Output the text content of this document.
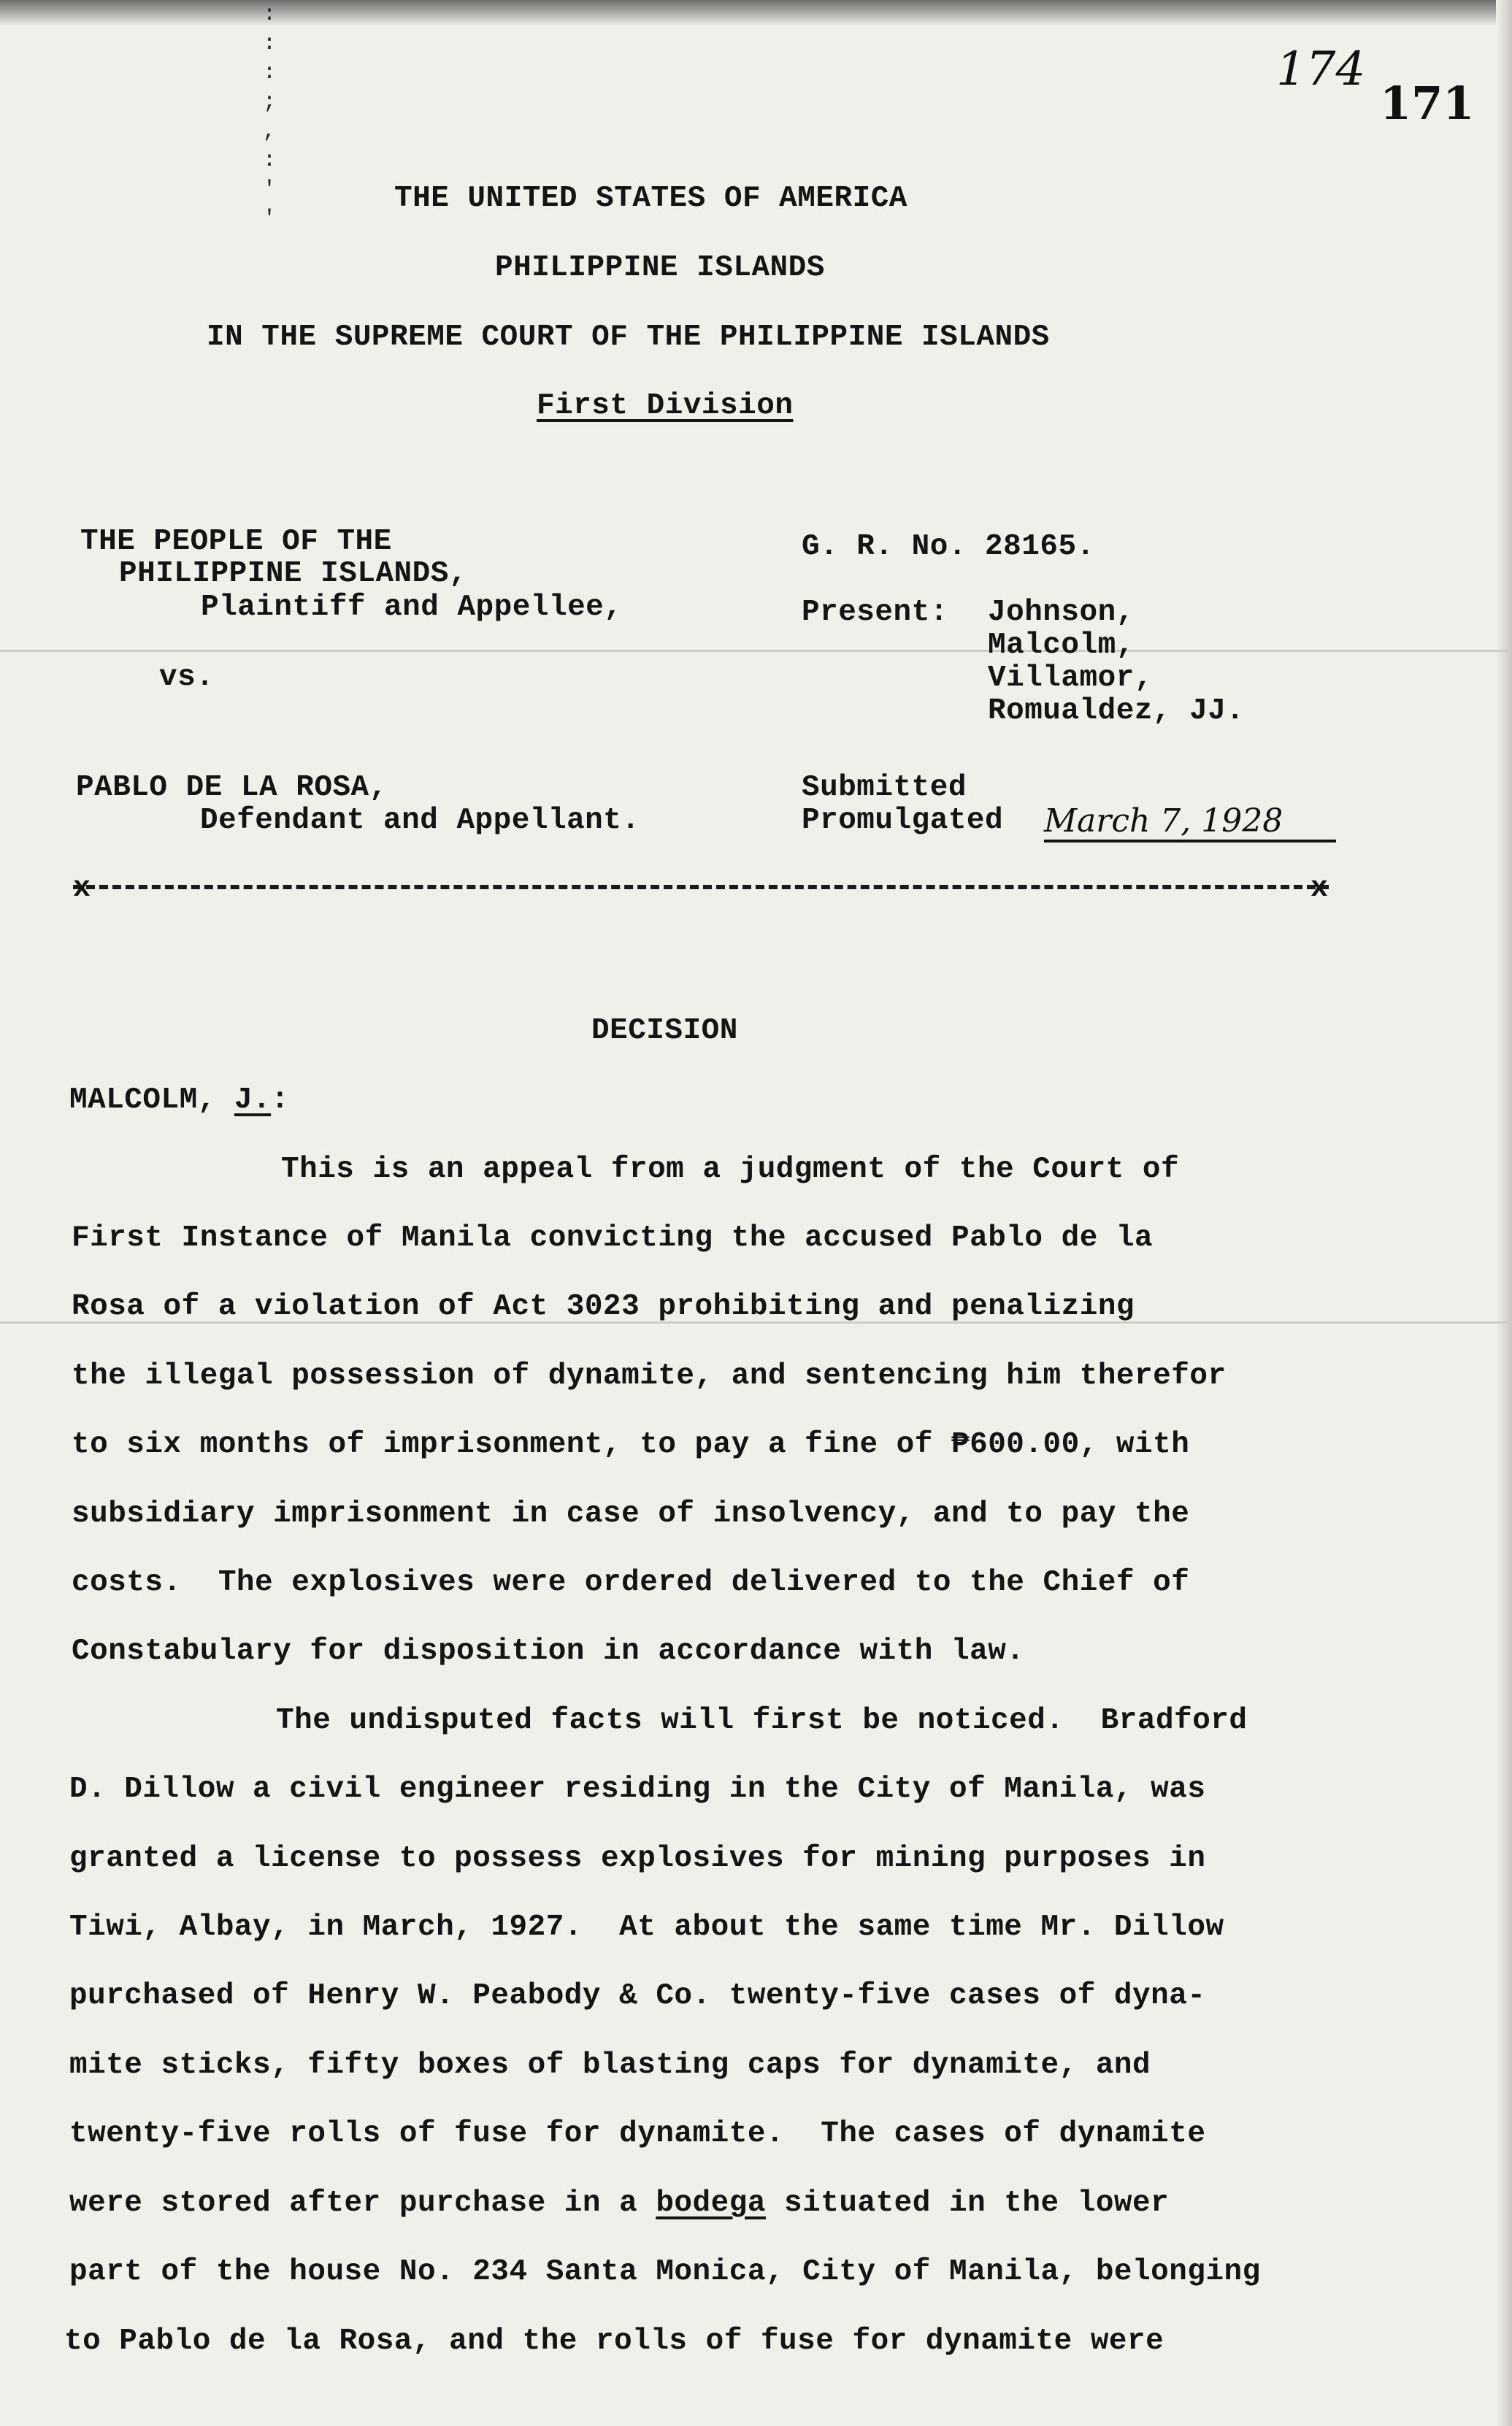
: :
: ;
, :
' '
174
171
THE UNITED STATES OF AMERICA
PHILIPPINE ISLANDS
IN THE SUPREME COURT OF THE PHILIPPINE ISLANDS
First Division
THE PEOPLE OF THE
PHILIPPINE ISLANDS,
Plaintiff and Appellee,
vs.
PABLO DE LA ROSA,
Defendant and Appellant.
G. R. No. 28165.
Present: Johnson,
Malcolm,
Villamor,
Romualdez, JJ.
Submitted
Promulgated March 7, 1928
x	x
DECISION
MALCOLM, J.:
This is an appeal from a judgment of the Court of
First Instance of Manila convicting the accused Pablo de la
Rosa of a violation of Act 3023 prohibiting and penalizing
the illegal possession of dynamite, and sentencing him therefor
to six months of imprisonment, to pay a fine of ₱600.00, with
subsidiary imprisonment in case of insolvency, and to pay the
costs.  The explosives were ordered delivered to the Chief of
Constabulary for disposition in accordance with law.
The undisputed facts will first be noticed.  Bradford
D. Dillow a civil engineer residing in the City of Manila, was
granted a license to possess explosives for mining purposes in
Tiwi, Albay, in March, 1927.  At about the same time Mr. Dillow
purchased of Henry W. Peabody & Co. twenty-five cases of dyna-
mite sticks, fifty boxes of blasting caps for dynamite, and
twenty-five rolls of fuse for dynamite.  The cases of dynamite
were stored after purchase in a bodega situated in the lower
part of the house No. 234 Santa Monica, City of Manila, belonging
to Pablo de la Rosa, and the rolls of fuse for dynamite were
